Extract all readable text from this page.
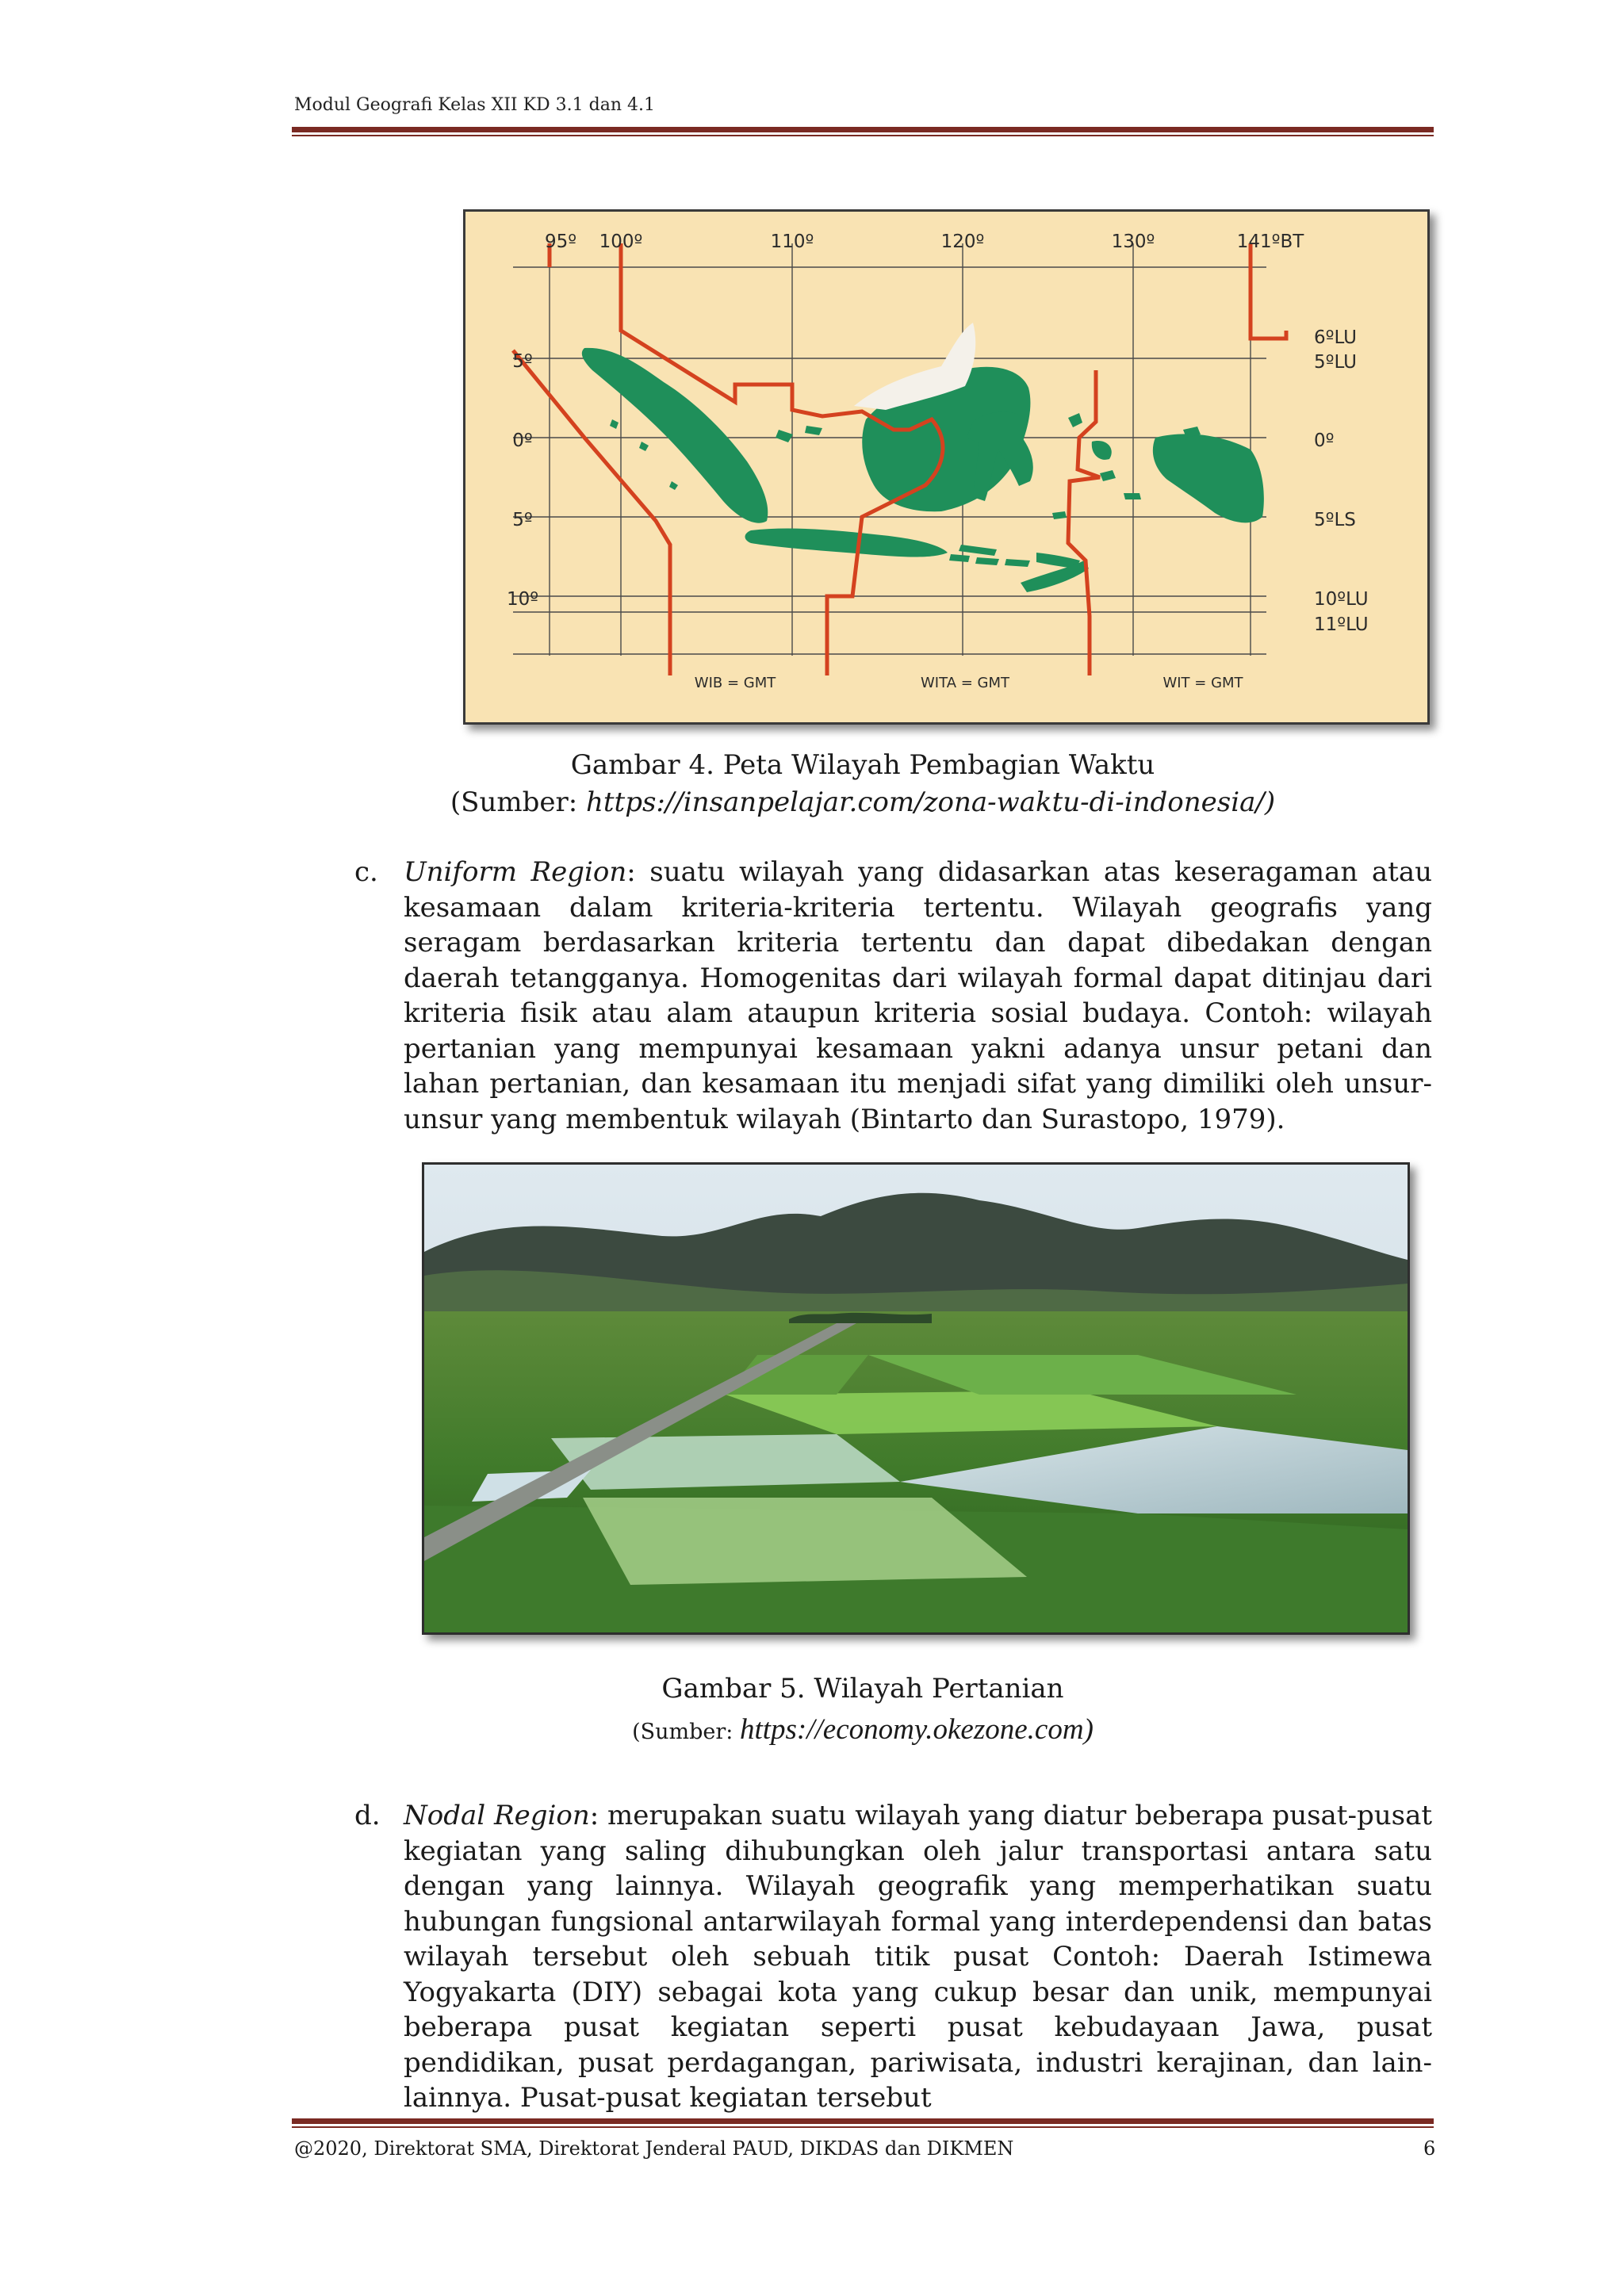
Modul Geografi Kelas XII KD 3.1 dan 4.1
95º 100º	110º	120º	130º	141ºBT
5º
0º
5º
10º
6ºLU
5ºLU
0º
5ºLS
10ºLU
11ºLU
WIB = GMT	WITA = GMT	WIT = GMT
Gambar 4. Peta Wilayah Pembagian Waktu
(Sumber: https://insanpelajar.com/zona-waktu-di-indonesia/)
c. Uniform Region: suatu wilayah yang didasarkan atas keseragaman atau kesamaan dalam kriteria-kriteria tertentu. Wilayah geografis yang seragam berdasarkan kriteria tertentu dan dapat dibedakan dengan daerah tetangganya. Homogenitas dari wilayah formal dapat ditinjau dari kriteria fisik atau alam ataupun kriteria sosial budaya. Contoh: wilayah pertanian yang mempunyai kesamaan yakni adanya unsur petani dan lahan pertanian, dan kesamaan itu menjadi sifat yang dimiliki oleh unsur-unsur yang membentuk wilayah (Bintarto dan Surastopo, 1979).
Gambar 5. Wilayah Pertanian
(Sumber: https://economy.okezone.com)
d. Nodal Region: merupakan suatu wilayah yang diatur beberapa pusat-pusat kegiatan yang saling dihubungkan oleh jalur transportasi antara satu dengan yang lainnya. Wilayah geografik yang memperhatikan suatu hubungan fungsional antarwilayah formal yang interdependensi dan batas wilayah tersebut oleh sebuah titik pusat Contoh: Daerah Istimewa Yogyakarta (DIY) sebagai kota yang cukup besar dan unik, mempunyai beberapa pusat kegiatan seperti pusat kebudayaan Jawa, pusat pendidikan, pusat perdagangan, pariwisata, industri kerajinan, dan lain-lainnya. Pusat-pusat kegiatan tersebut
@2020, Direktorat SMA, Direktorat Jenderal PAUD, DIKDAS dan DIKMEN	6
